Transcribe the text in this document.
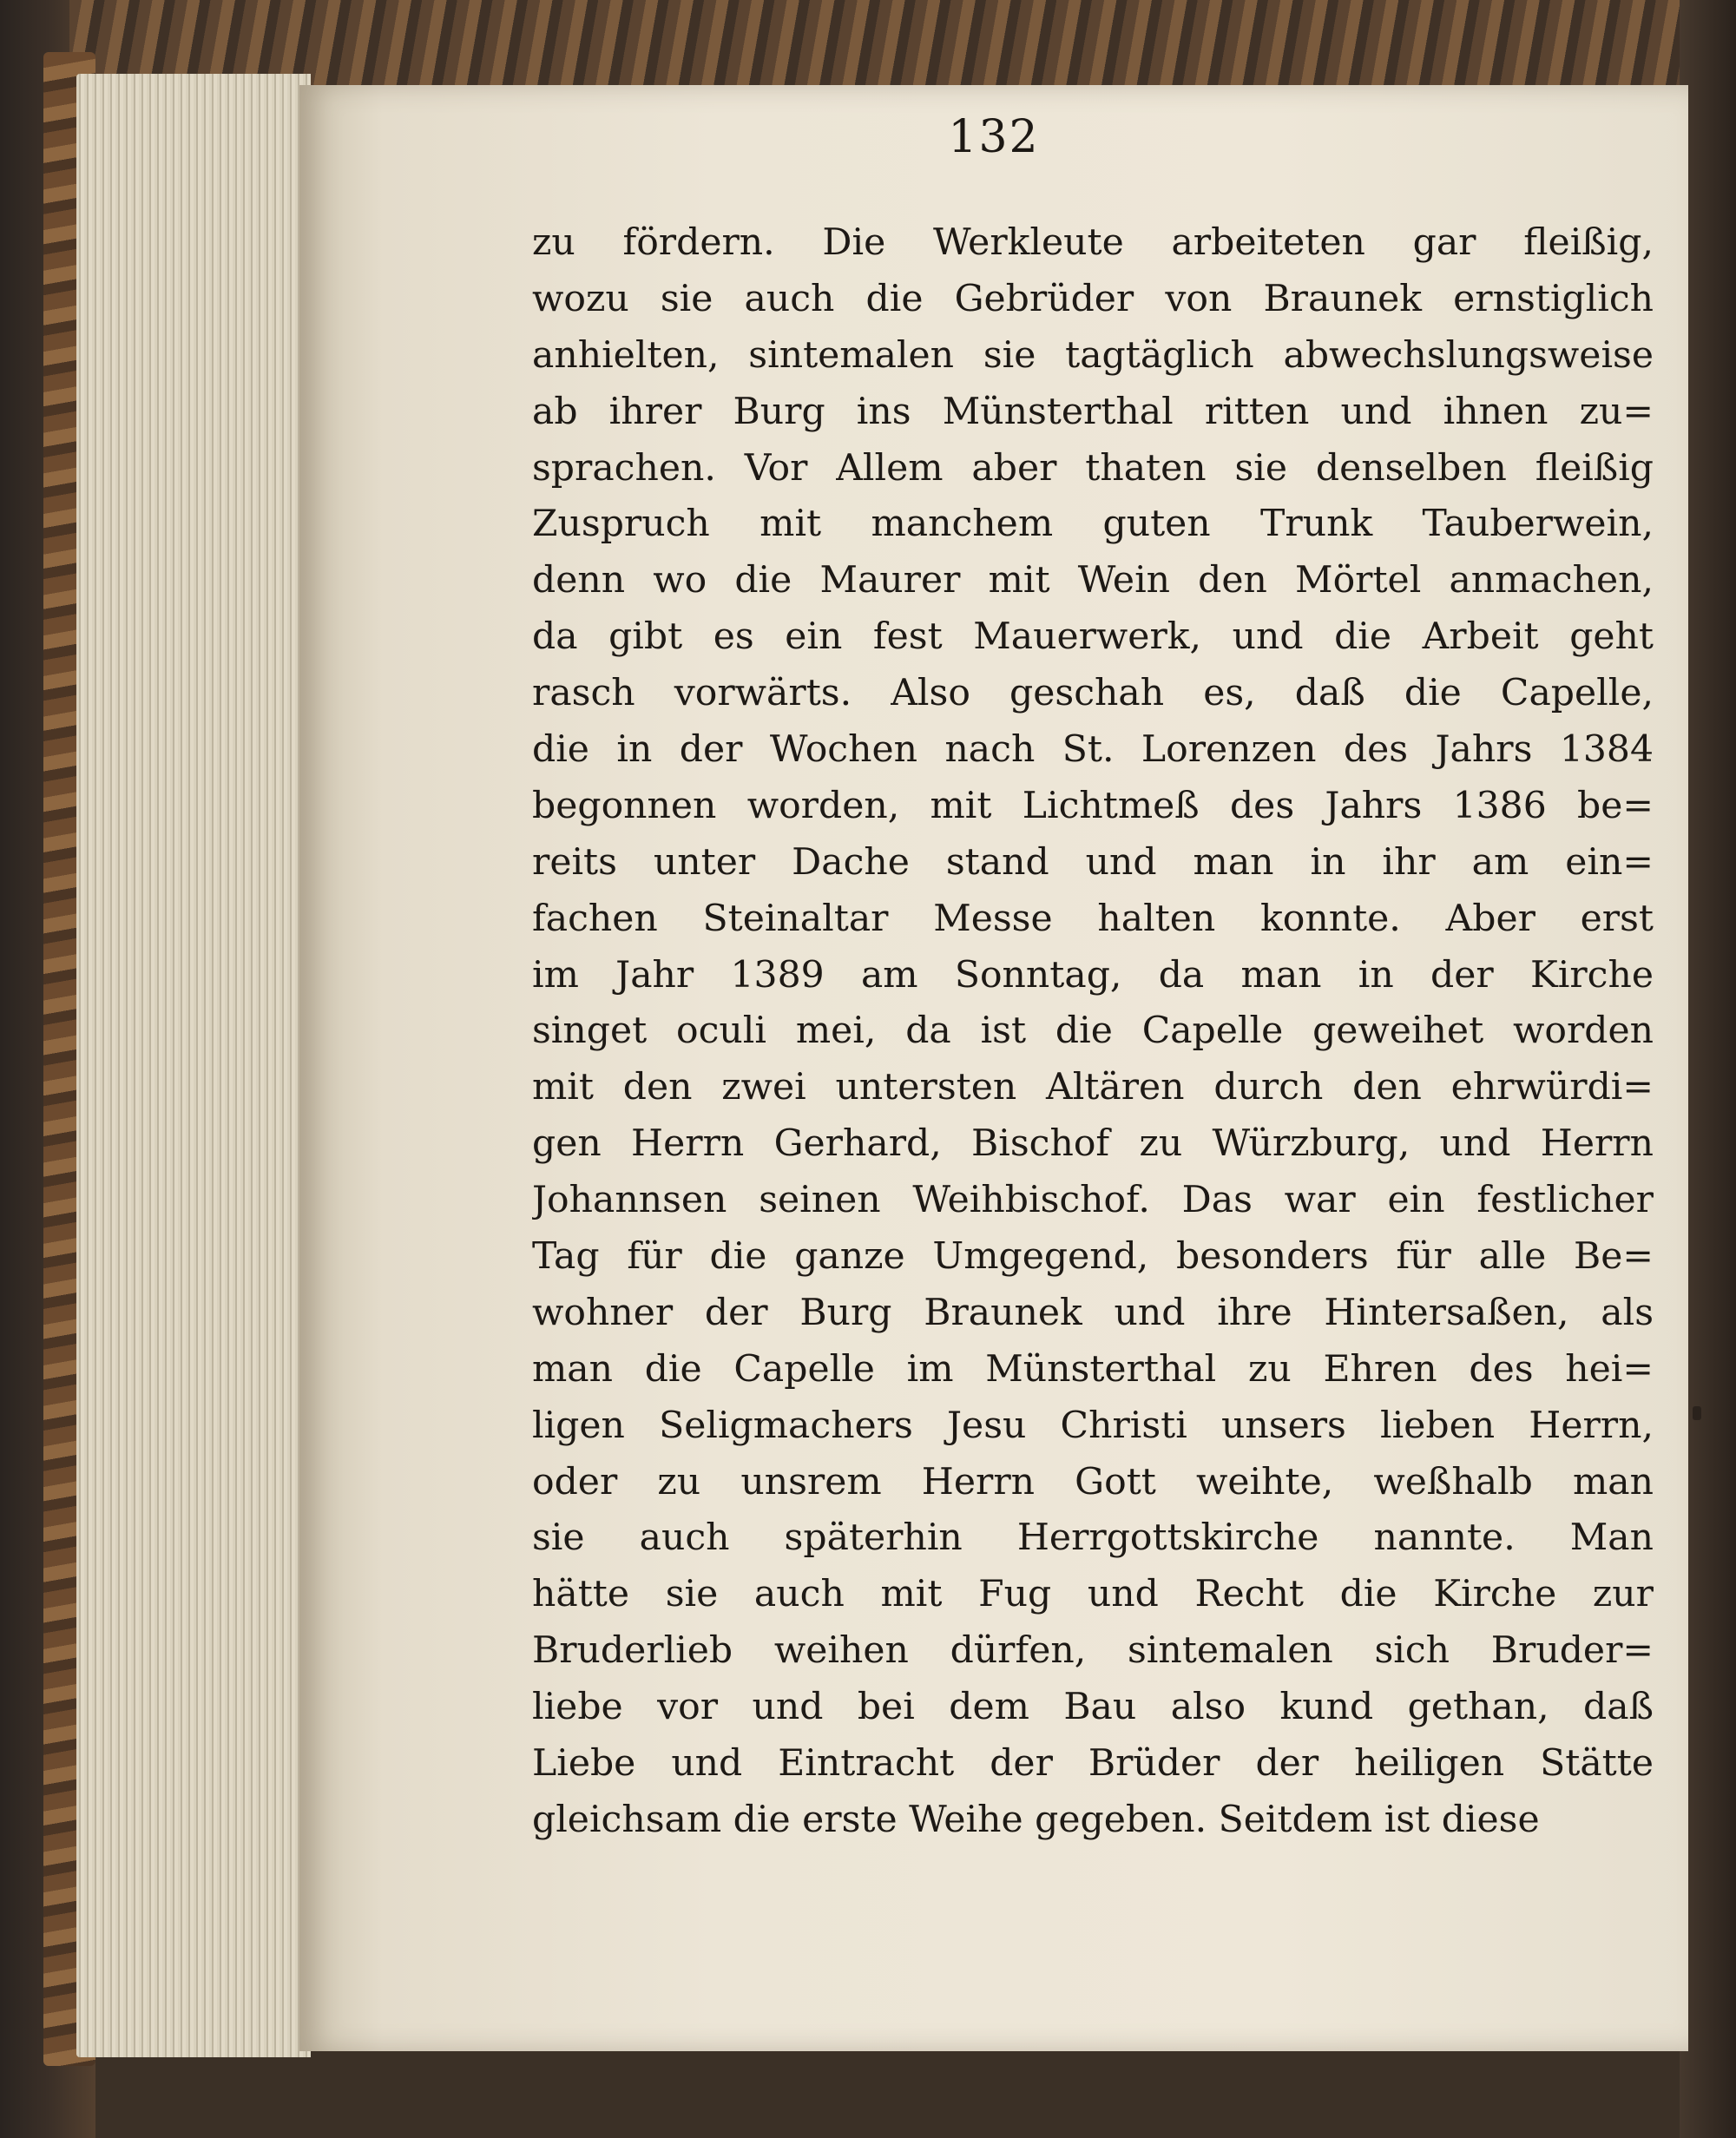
132
zu fördern. Die Werkleute arbeiteten gar fleißig,
wozu sie auch die Gebrüder von Braunek ernstiglich
anhielten, sintemalen sie tagtäglich abwechslungsweise
ab ihrer Burg ins Münsterthal ritten und ihnen zu=
sprachen. Vor Allem aber thaten sie denselben fleißig
Zuspruch mit manchem guten Trunk Tauberwein,
denn wo die Maurer mit Wein den Mörtel anmachen,
da gibt es ein fest Mauerwerk, und die Arbeit geht
rasch vorwärts. Also geschah es, daß die Capelle,
die in der Wochen nach St. Lorenzen des Jahrs 1384
begonnen worden, mit Lichtmeß des Jahrs 1386 be=
reits unter Dache stand und man in ihr am ein=
fachen Steinaltar Messe halten konnte. Aber erst
im Jahr 1389 am Sonntag, da man in der Kirche
singet oculi mei, da ist die Capelle geweihet worden
mit den zwei untersten Altären durch den ehrwürdi=
gen Herrn Gerhard, Bischof zu Würzburg, und Herrn
Johannsen seinen Weihbischof. Das war ein festlicher
Tag für die ganze Umgegend, besonders für alle Be=
wohner der Burg Braunek und ihre Hintersaßen, als
man die Capelle im Münsterthal zu Ehren des hei=
ligen Seligmachers Jesu Christi unsers lieben Herrn,
oder zu unsrem Herrn Gott weihte, weßhalb man
sie auch späterhin Herrgottskirche nannte. Man
hätte sie auch mit Fug und Recht die Kirche zur
Bruderlieb weihen dürfen, sintemalen sich Bruder=
liebe vor und bei dem Bau also kund gethan, daß
Liebe und Eintracht der Brüder der heiligen Stätte
gleichsam die erste Weihe gegeben. Seitdem ist diese
